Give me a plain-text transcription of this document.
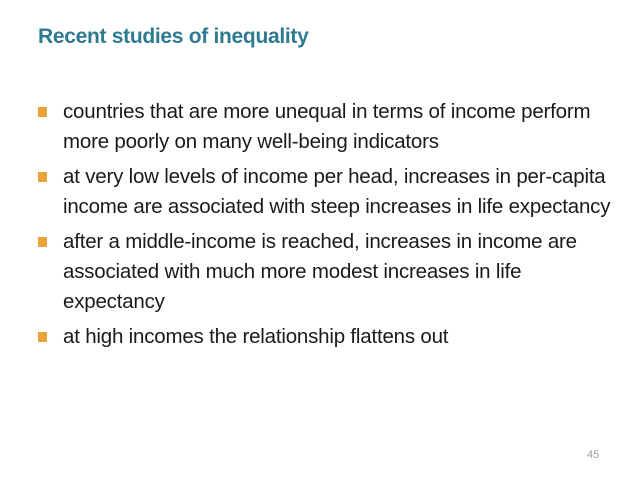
Recent studies of inequality
countries that are more unequal in terms of income perform more poorly on many well-being indicators
at very low levels of income per head, increases in per-capita income are associated with steep increases in life expectancy
after a middle-income is reached, increases in income are associated with much more modest increases in life expectancy
at high incomes the relationship flattens out
45
